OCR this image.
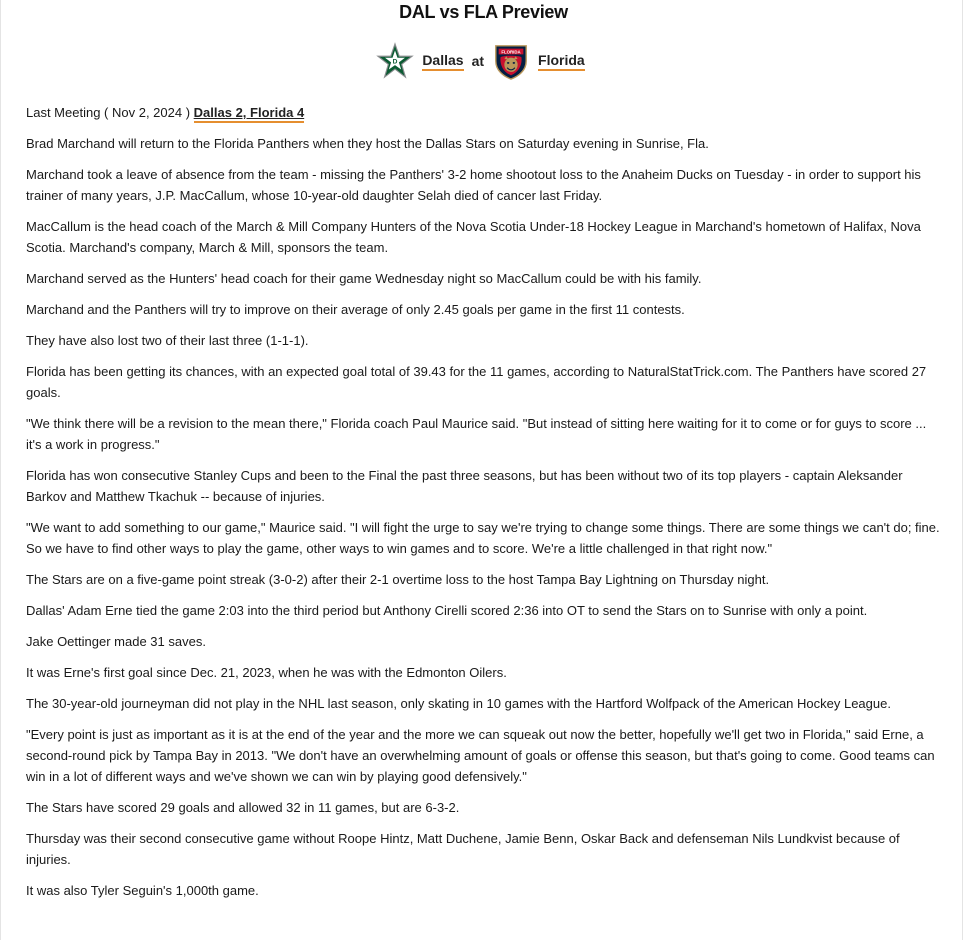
DAL vs FLA Preview
D Dallas at
FLORIDA Florida

Last Meeting ( Nov 2, 2024 ) Dallas 2, Florida 4

Brad Marchand will return to the Florida Panthers when they host the Dallas Stars on Saturday evening in Sunrise, Fla.

Marchand took a leave of absence from the team - missing the Panthers' 3-2 home shootout loss to the Anaheim Ducks on Tuesday - in order to support his trainer of many years, J.P. MacCallum, whose 10-year-old daughter Selah died of cancer last Friday.

MacCallum is the head coach of the March & Mill Company Hunters of the Nova Scotia Under-18 Hockey League in Marchand's hometown of Halifax, Nova Scotia. Marchand's company, March & Mill, sponsors the team.

Marchand served as the Hunters' head coach for their game Wednesday night so MacCallum could be with his family.

Marchand and the Panthers will try to improve on their average of only 2.45 goals per game in the first 11 contests.

They have also lost two of their last three (1-1-1).

Florida has been getting its chances, with an expected goal total of 39.43 for the 11 games, according to NaturalStatTrick.com. The Panthers have scored 27 goals.

"We think there will be a revision to the mean there," Florida coach Paul Maurice said. "But instead of sitting here waiting for it to come or for guys to score ... it's a work in progress."

Florida has won consecutive Stanley Cups and been to the Final the past three seasons, but has been without two of its top players - captain Aleksander Barkov and Matthew Tkachuk -- because of injuries.

"We want to add something to our game," Maurice said. "I will fight the urge to say we're trying to change some things. There are some things we can't do; fine. So we have to find other ways to play the game, other ways to win games and to score. We're a little challenged in that right now."

The Stars are on a five-game point streak (3-0-2) after their 2-1 overtime loss to the host Tampa Bay Lightning on Thursday night.

Dallas' Adam Erne tied the game 2:03 into the third period but Anthony Cirelli scored 2:36 into OT to send the Stars on to Sunrise with only a point.

Jake Oettinger made 31 saves.

It was Erne's first goal since Dec. 21, 2023, when he was with the Edmonton Oilers.

The 30-year-old journeyman did not play in the NHL last season, only skating in 10 games with the Hartford Wolfpack of the American Hockey League.

"Every point is just as important as it is at the end of the year and the more we can squeak out now the better, hopefully we'll get two in Florida," said Erne, a second-round pick by Tampa Bay in 2013. "We don't have an overwhelming amount of goals or offense this season, but that's going to come. Good teams can win in a lot of different ways and we've shown we can win by playing good defensively."

The Stars have scored 29 goals and allowed 32 in 11 games, but are 6-3-2.

Thursday was their second consecutive game without Roope Hintz, Matt Duchene, Jamie Benn, Oskar Back and defenseman Nils Lundkvist because of injuries.

It was also Tyler Seguin's 1,000th game.
